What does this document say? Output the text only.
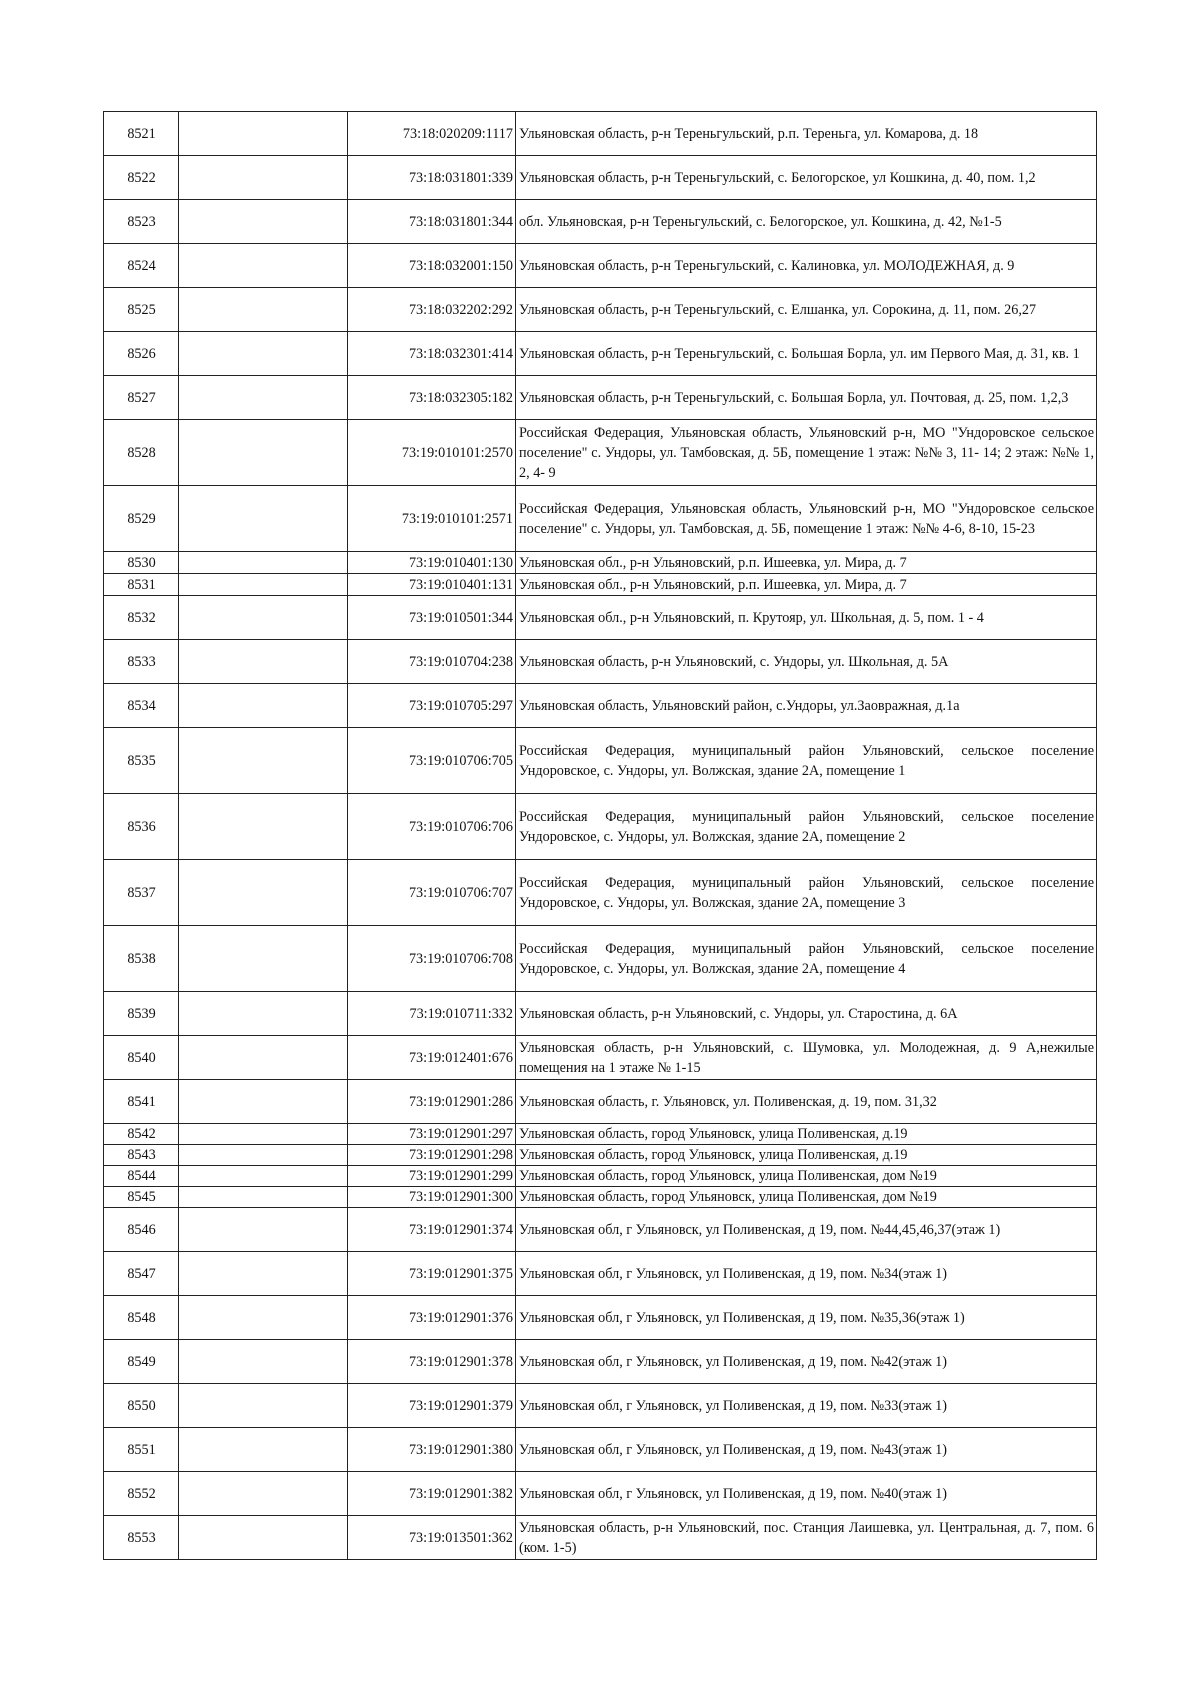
8521		73:18:020209:1117	Ульяновская область, р-н Тереньгульский, р.п. Тереньга, ул. Комарова, д. 18
8522		73:18:031801:339	Ульяновская область, р-н Тереньгульский, с. Белогорское, ул Кошкина, д. 40, пом. 1,2
8523		73:18:031801:344	обл. Ульяновская, р-н Тереньгульский, с. Белогорское, ул. Кошкина, д. 42, №1-5
8524		73:18:032001:150	Ульяновская область, р-н Тереньгульский, с. Калиновка, ул. МОЛОДЕЖНАЯ, д. 9
8525		73:18:032202:292	Ульяновская область, р-н Тереньгульский, с. Елшанка, ул. Сорокина, д. 11, пом. 26,27
8526		73:18:032301:414	Ульяновская область, р-н Тереньгульский, с. Большая Борла, ул. им Первого Мая, д. 31, кв. 1
8527		73:18:032305:182	Ульяновская область, р-н Тереньгульский, с. Большая Борла, ул. Почтовая, д. 25, пом. 1,2,3
8528		73:19:010101:2570	Российская Федерация, Ульяновская область, Ульяновский р-н, МО "Ундоровское сельское поселение" с. Ундоры, ул. Тамбовская, д. 5Б, помещение 1 этаж: №№ 3, 11- 14; 2 этаж: №№ 1, 2, 4- 9
8529		73:19:010101:2571	Российская Федерация, Ульяновская область, Ульяновский р-н, МО "Ундоровское сельское поселение" с. Ундоры, ул. Тамбовская, д. 5Б, помещение 1 этаж: №№ 4-6, 8-10, 15-23
8530		73:19:010401:130	Ульяновская обл., р-н Ульяновский, р.п. Ишеевка, ул. Мира, д. 7
8531		73:19:010401:131	Ульяновская обл., р-н Ульяновский, р.п. Ишеевка, ул. Мира, д. 7
8532		73:19:010501:344	Ульяновская обл., р-н Ульяновский, п. Крутояр, ул. Школьная, д. 5, пом. 1 - 4
8533		73:19:010704:238	Ульяновская область, р-н Ульяновский, с. Ундоры, ул. Школьная, д. 5А
8534		73:19:010705:297	Ульяновская область, Ульяновский район, с.Ундоры, ул.Заовражная, д.1а
8535		73:19:010706:705	Российская Федерация, муниципальный район Ульяновский, сельское поселение Ундоровское, с. Ундоры, ул. Волжская, здание 2А, помещение 1
8536		73:19:010706:706	Российская Федерация, муниципальный район Ульяновский, сельское поселение Ундоровское, с. Ундоры, ул. Волжская, здание 2А, помещение 2
8537		73:19:010706:707	Российская Федерация, муниципальный район Ульяновский, сельское поселение Ундоровское, с. Ундоры, ул. Волжская, здание 2А, помещение 3
8538		73:19:010706:708	Российская Федерация, муниципальный район Ульяновский, сельское поселение Ундоровское, с. Ундоры, ул. Волжская, здание 2А, помещение 4
8539		73:19:010711:332	Ульяновская область, р-н Ульяновский, с. Ундоры, ул. Старостина, д. 6А
8540		73:19:012401:676	Ульяновская область, р-н Ульяновский, с. Шумовка, ул. Молодежная, д. 9 А,нежилые помещения на 1 этаже № 1-15
8541		73:19:012901:286	Ульяновская область, г. Ульяновск, ул. Поливенская, д. 19, пом. 31,32
8542		73:19:012901:297	Ульяновская область, город Ульяновск, улица Поливенская, д.19
8543		73:19:012901:298	Ульяновская область, город Ульяновск, улица Поливенская, д.19
8544		73:19:012901:299	Ульяновская область, город Ульяновск, улица Поливенская, дом №19
8545		73:19:012901:300	Ульяновская область, город Ульяновск, улица Поливенская, дом №19
8546		73:19:012901:374	Ульяновская обл, г Ульяновск, ул Поливенская, д 19, пом. №44,45,46,37(этаж 1)
8547		73:19:012901:375	Ульяновская обл, г Ульяновск, ул Поливенская, д 19, пом. №34(этаж 1)
8548		73:19:012901:376	Ульяновская обл, г Ульяновск, ул Поливенская, д 19, пом. №35,36(этаж 1)
8549		73:19:012901:378	Ульяновская обл, г Ульяновск, ул Поливенская, д 19, пом. №42(этаж 1)
8550		73:19:012901:379	Ульяновская обл, г Ульяновск, ул Поливенская, д 19, пом. №33(этаж 1)
8551		73:19:012901:380	Ульяновская обл, г Ульяновск, ул Поливенская, д 19, пом. №43(этаж 1)
8552		73:19:012901:382	Ульяновская обл, г Ульяновск, ул Поливенская, д 19, пом. №40(этаж 1)
8553		73:19:013501:362	Ульяновская область, р-н Ульяновский, пос. Станция Лаишевка, ул. Центральная, д. 7, пом. 6 (ком. 1-5)
